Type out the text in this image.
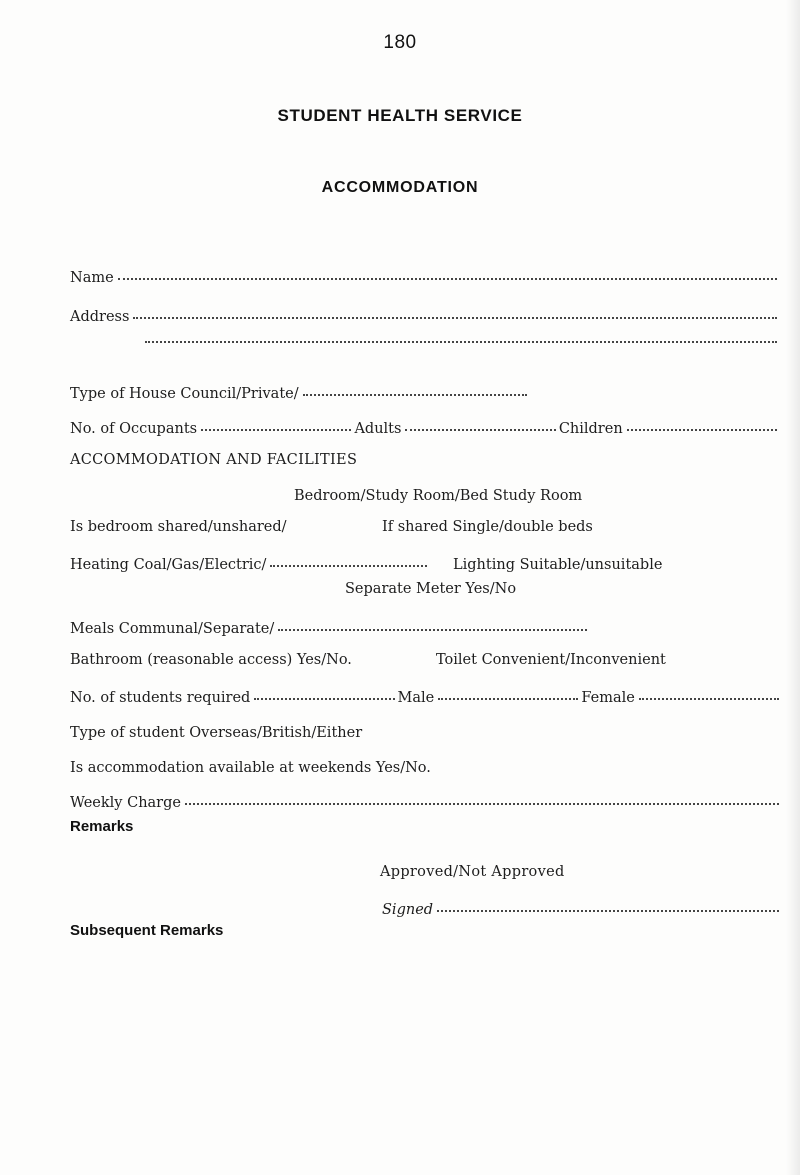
180
STUDENT HEALTH SERVICE
ACCOMMODATION
Name
Address
Type of House Council/Private/
No. of Occupants	Adults	Children
ACCOMMODATION AND FACILITIES
Bedroom/Study Room/Bed Study Room
Is bedroom shared/unshared/	If shared Single/double beds
Heating Coal/Gas/Electric/	Lighting Suitable/unsuitable
Separate Meter Yes/No
Meals Communal/Separate/
Bathroom (reasonable access) Yes/No.	Toilet Convenient/Inconvenient
No. of students required	Male	Female
Type of student Overseas/British/Either
Is accommodation available at weekends Yes/No.
Weekly Charge
Remarks
Approved/Not Approved
Signed
Subsequent Remarks
